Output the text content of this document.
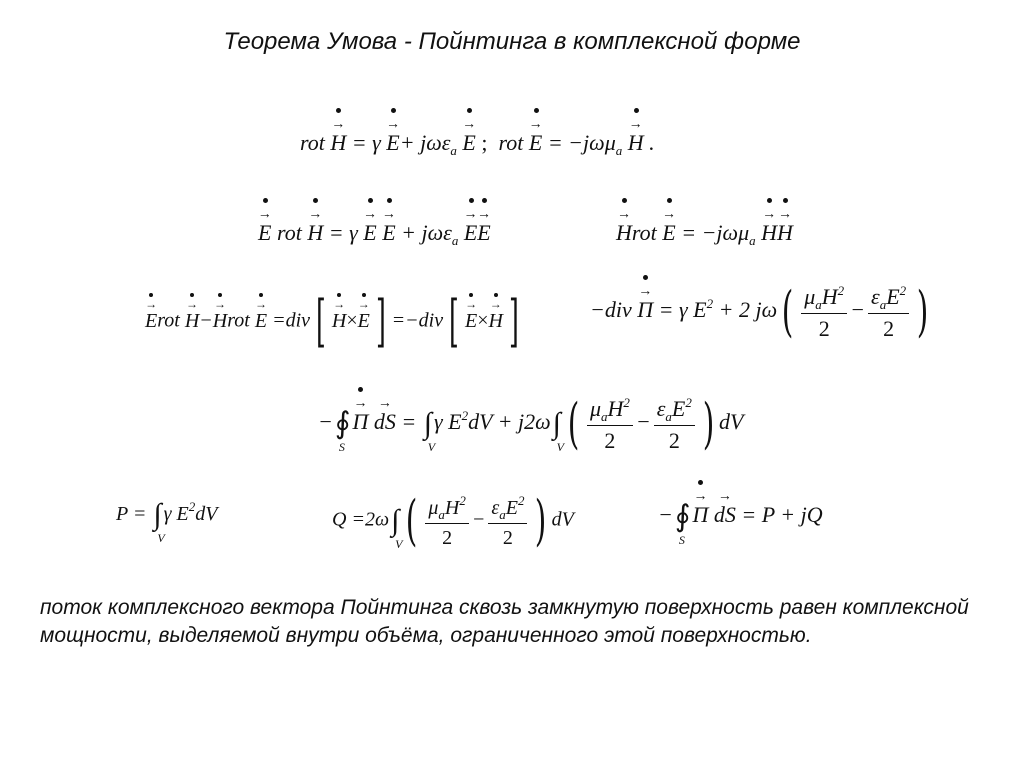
Теорема Умова - Пойнтинга в комплексной форме
rot → H = γ → E+ jωε$_a$ → E ; rot → E = −jωμ$_a$ → H .
→ E rot → H = γ → E → E + jωε$_a$ → E→ E	→ Hrot → E = −jωμ$_a$ → H→ H
→ Erot → H−→ Hrot → E =div [ → H×→ E ] =−div [ → E×→ H ]	−div → Π = γ $E^2 + 2$ $j\omega( \frac{\mu_aH^2}{2} - \frac{\varepsilon_aE^2}{2}$ )
−∮
S
→ Π → dS = ∫
V
γ $E^2dV + j2\omega\int$
V ( $\frac{\mu_aH^2}{2} - \frac{\varepsilon_aE^2}{2}$ ) dV
P = ∫
V
γ $E^2dV$	Q =2ω∫
V ( $\frac{\mu_aH^2}{2} - \frac{\varepsilon_aE^2}{2}$ ) dV	−∮
S
→ Π → dS = P + jQ
поток комплексного вектора Пойнтинга сквозь замкнутую поверхность равен комплексной мощности, выделяемой внутри объёма, ограниченного этой поверхностью.
